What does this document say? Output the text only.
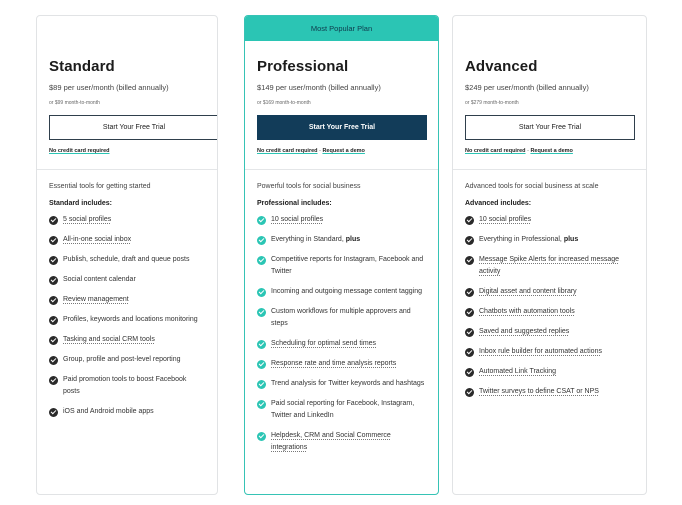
Standard
$89 per user/month (billed annually)
or $99 month-to-month
Start Your Free Trial
No credit card required
Essential tools for getting started
Standard includes:
5 social profiles
All-in-one social inbox
Publish, schedule, draft and queue posts
Social content calendar
Review management
Profiles, keywords and locations monitoring
Tasking and social CRM tools
Group, profile and post-level reporting
Paid promotion tools to boost Facebook posts
iOS and Android mobile apps
Most Popular Plan
Professional
$149 per user/month (billed annually)
or $169 month-to-month
Start Your Free Trial
No credit card required - Request a demo
Powerful tools for social business
Professional includes:
10 social profiles
Everything in Standard, plus
Competitive reports for Instagram, Facebook and Twitter
Incoming and outgoing message content tagging
Custom workflows for multiple approvers and steps
Scheduling for optimal send times
Response rate and time analysis reports
Trend analysis for Twitter keywords and hashtags
Paid social reporting for Facebook, Instagram, Twitter and LinkedIn
Helpdesk, CRM and Social Commerce integrations
Advanced
$249 per user/month (billed annually)
or $279 month-to-month
Start Your Free Trial
No credit card required - Request a demo
Advanced tools for social business at scale
Advanced includes:
10 social profiles
Everything in Professional, plus
Message Spike Alerts for increased message activity
Digital asset and content library
Chatbots with automation tools
Saved and suggested replies
Inbox rule builder for automated actions
Automated Link Tracking
Twitter surveys to define CSAT or NPS
